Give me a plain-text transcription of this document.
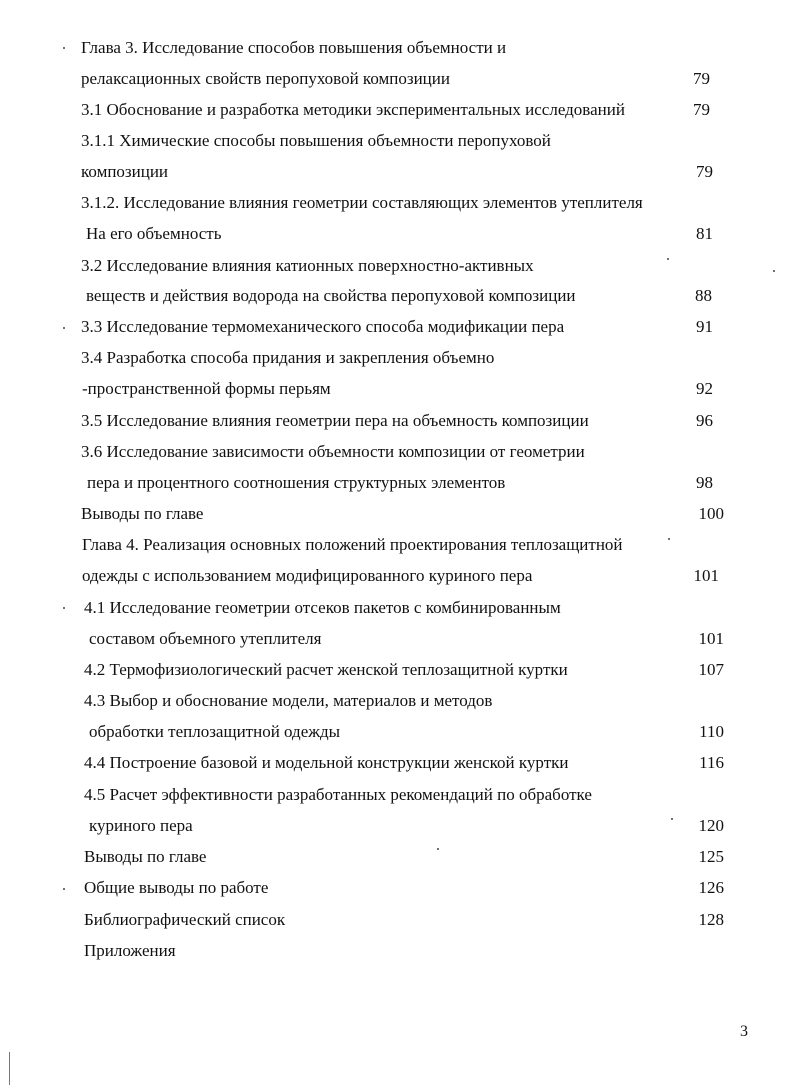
Глава 3. Исследование способов повышения объемности и
релаксационных свойств перопуховой композиции	79
3.1 Обоснование и разработка методики экспериментальных исследований	79
3.1.1 Химические способы повышения объемности перопуховой
композиции	79
3.1.2. Исследование влияния геометрии составляющих элементов утеплителя
На его объемность	81
3.2 Исследование влияния катионных поверхностно-активных
веществ и действия водорода на свойства перопуховой композиции	88
3.3 Исследование термомеханического способа модификации пера	91
3.4 Разработка способа придания и закрепления объемно
-пространственной формы перьям	92
3.5 Исследование влияния геометрии пера на объемность композиции	96
3.6 Исследование зависимости объемности композиции от геометрии
пера и процентного соотношения структурных элементов	98
Выводы по главе	100
Глава 4. Реализация основных положений проектирования теплозащитной
одежды с использованием модифицированного куриного пера	101
4.1 Исследование геометрии отсеков пакетов с комбинированным
составом объемного утеплителя	101
4.2 Термофизиологический расчет женской теплозащитной куртки	107
4.3 Выбор и обоснование модели, материалов и методов
обработки теплозащитной одежды	110
4.4 Построение базовой и модельной конструкции женской куртки	116
4.5 Расчет эффективности разработанных рекомендаций по обработке
куриного пера	120
Выводы по главе	125
Общие выводы по работе	126
Библиографический список	128
Приложения
3
